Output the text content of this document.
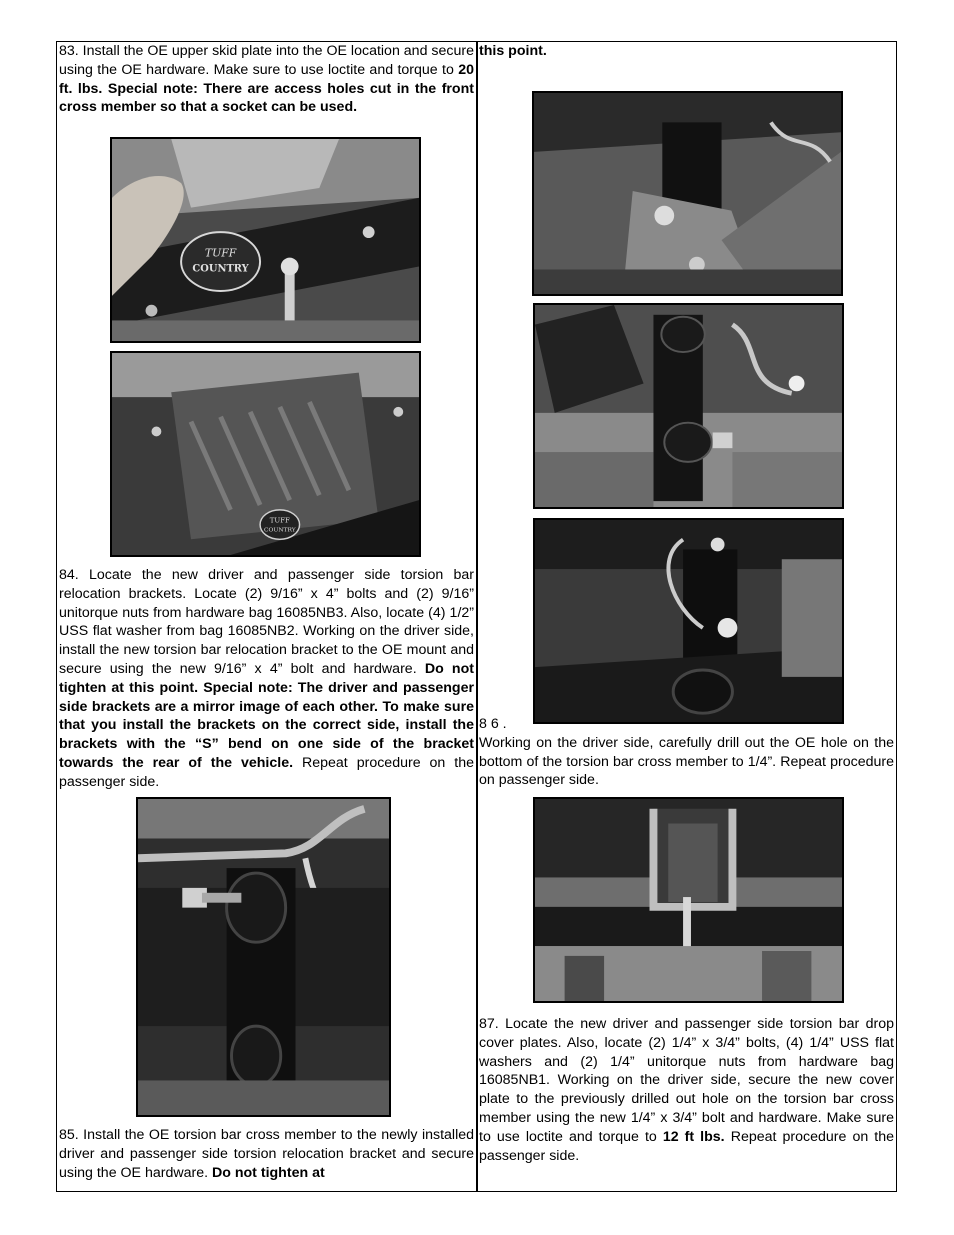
83. Install the OE upper skid plate into the OE location and secure using the OE hardware. Make sure to use loctite and torque to 20 ft. lbs. Special note: There are access holes cut in the front cross member so that a socket can be used.

TUFF
COUNTRY
TUFF
COUNTRY

84. Locate the new driver and passenger side torsion bar relocation brackets. Locate (2) 9/16” x 4” bolts and (2) 9/16” unitorque nuts from hardware bag 16085NB3. Also, locate (4) 1/2” USS flat washer from bag 16085NB2. Working on the driver side, install the new torsion bar relocation bracket to the OE mount and secure using the new 9/16” x 4” bolt and hardware. Do not tighten at this point. Special note: The driver and passenger side brackets are a mirror image of each other. To make sure that you install the brackets on the correct side, install the brackets with the “S” bend on one side of the bracket towards the rear of the vehicle. Repeat procedure on the passenger side.

85. Install the OE torsion bar cross member to the newly installed driver and passenger side torsion relocation bracket and secure using the OE hardware. Do not tighten at

this point.

8 6 .
Working on the driver side, carefully drill out the OE hole on the bottom of the torsion bar cross member to 1/4”. Repeat procedure on passenger side.

87. Locate the new driver and passenger side torsion bar drop cover plates. Also, locate (2) 1/4” x 3/4” bolts, (4) 1/4” USS flat washers and (2) 1/4” unitorque nuts from hardware bag 16085NB1. Working on the driver side, secure the new cover plate to the previously drilled out hole on the torsion bar cross member using the new 1/4” x 3/4” bolt and hardware. Make sure to use loctite and torque to 12 ft lbs. Repeat procedure on the passenger side.
